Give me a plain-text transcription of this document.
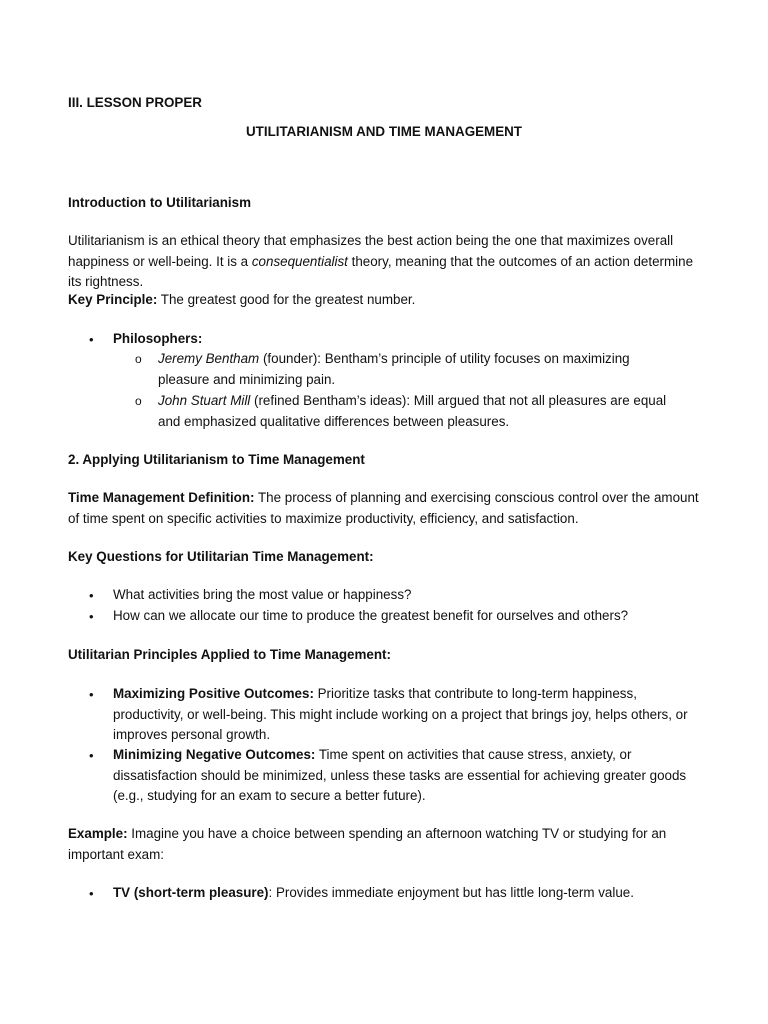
III. LESSON PROPER

UTILITARIANISM AND TIME MANAGEMENT

Introduction to Utilitarianism

Utilitarianism is an ethical theory that emphasizes the best action being the one that maximizes overall happiness or well-being. It is a consequentialist theory, meaning that the outcomes of an action determine its rightness.

Key Principle: The greatest good for the greatest number.

•	Philosophers:

o Jeremy Bentham (founder): Bentham’s principle of utility focuses on maximizing pleasure and minimizing pain.

o John Stuart Mill (refined Bentham’s ideas): Mill argued that not all pleasures are equal and emphasized qualitative differences between pleasures.

2. Applying Utilitarianism to Time Management

Time Management Definition: The process of planning and exercising conscious control over the amount of time spent on specific activities to maximize productivity, efficiency, and satisfaction.

Key Questions for Utilitarian Time Management:

•	What activities bring the most value or happiness?

•	How can we allocate our time to produce the greatest benefit for ourselves and others?

Utilitarian Principles Applied to Time Management:

•	Maximizing Positive Outcomes: Prioritize tasks that contribute to long-term happiness, productivity, or well-being. This might include working on a project that brings joy, helps others, or improves personal growth.

•	Minimizing Negative Outcomes: Time spent on activities that cause stress, anxiety, or dissatisfaction should be minimized, unless these tasks are essential for achieving greater goods (e.g., studying for an exam to secure a better future).

Example: Imagine you have a choice between spending an afternoon watching TV or studying for an important exam:

•	TV (short-term pleasure): Provides immediate enjoyment but has little long-term value.
